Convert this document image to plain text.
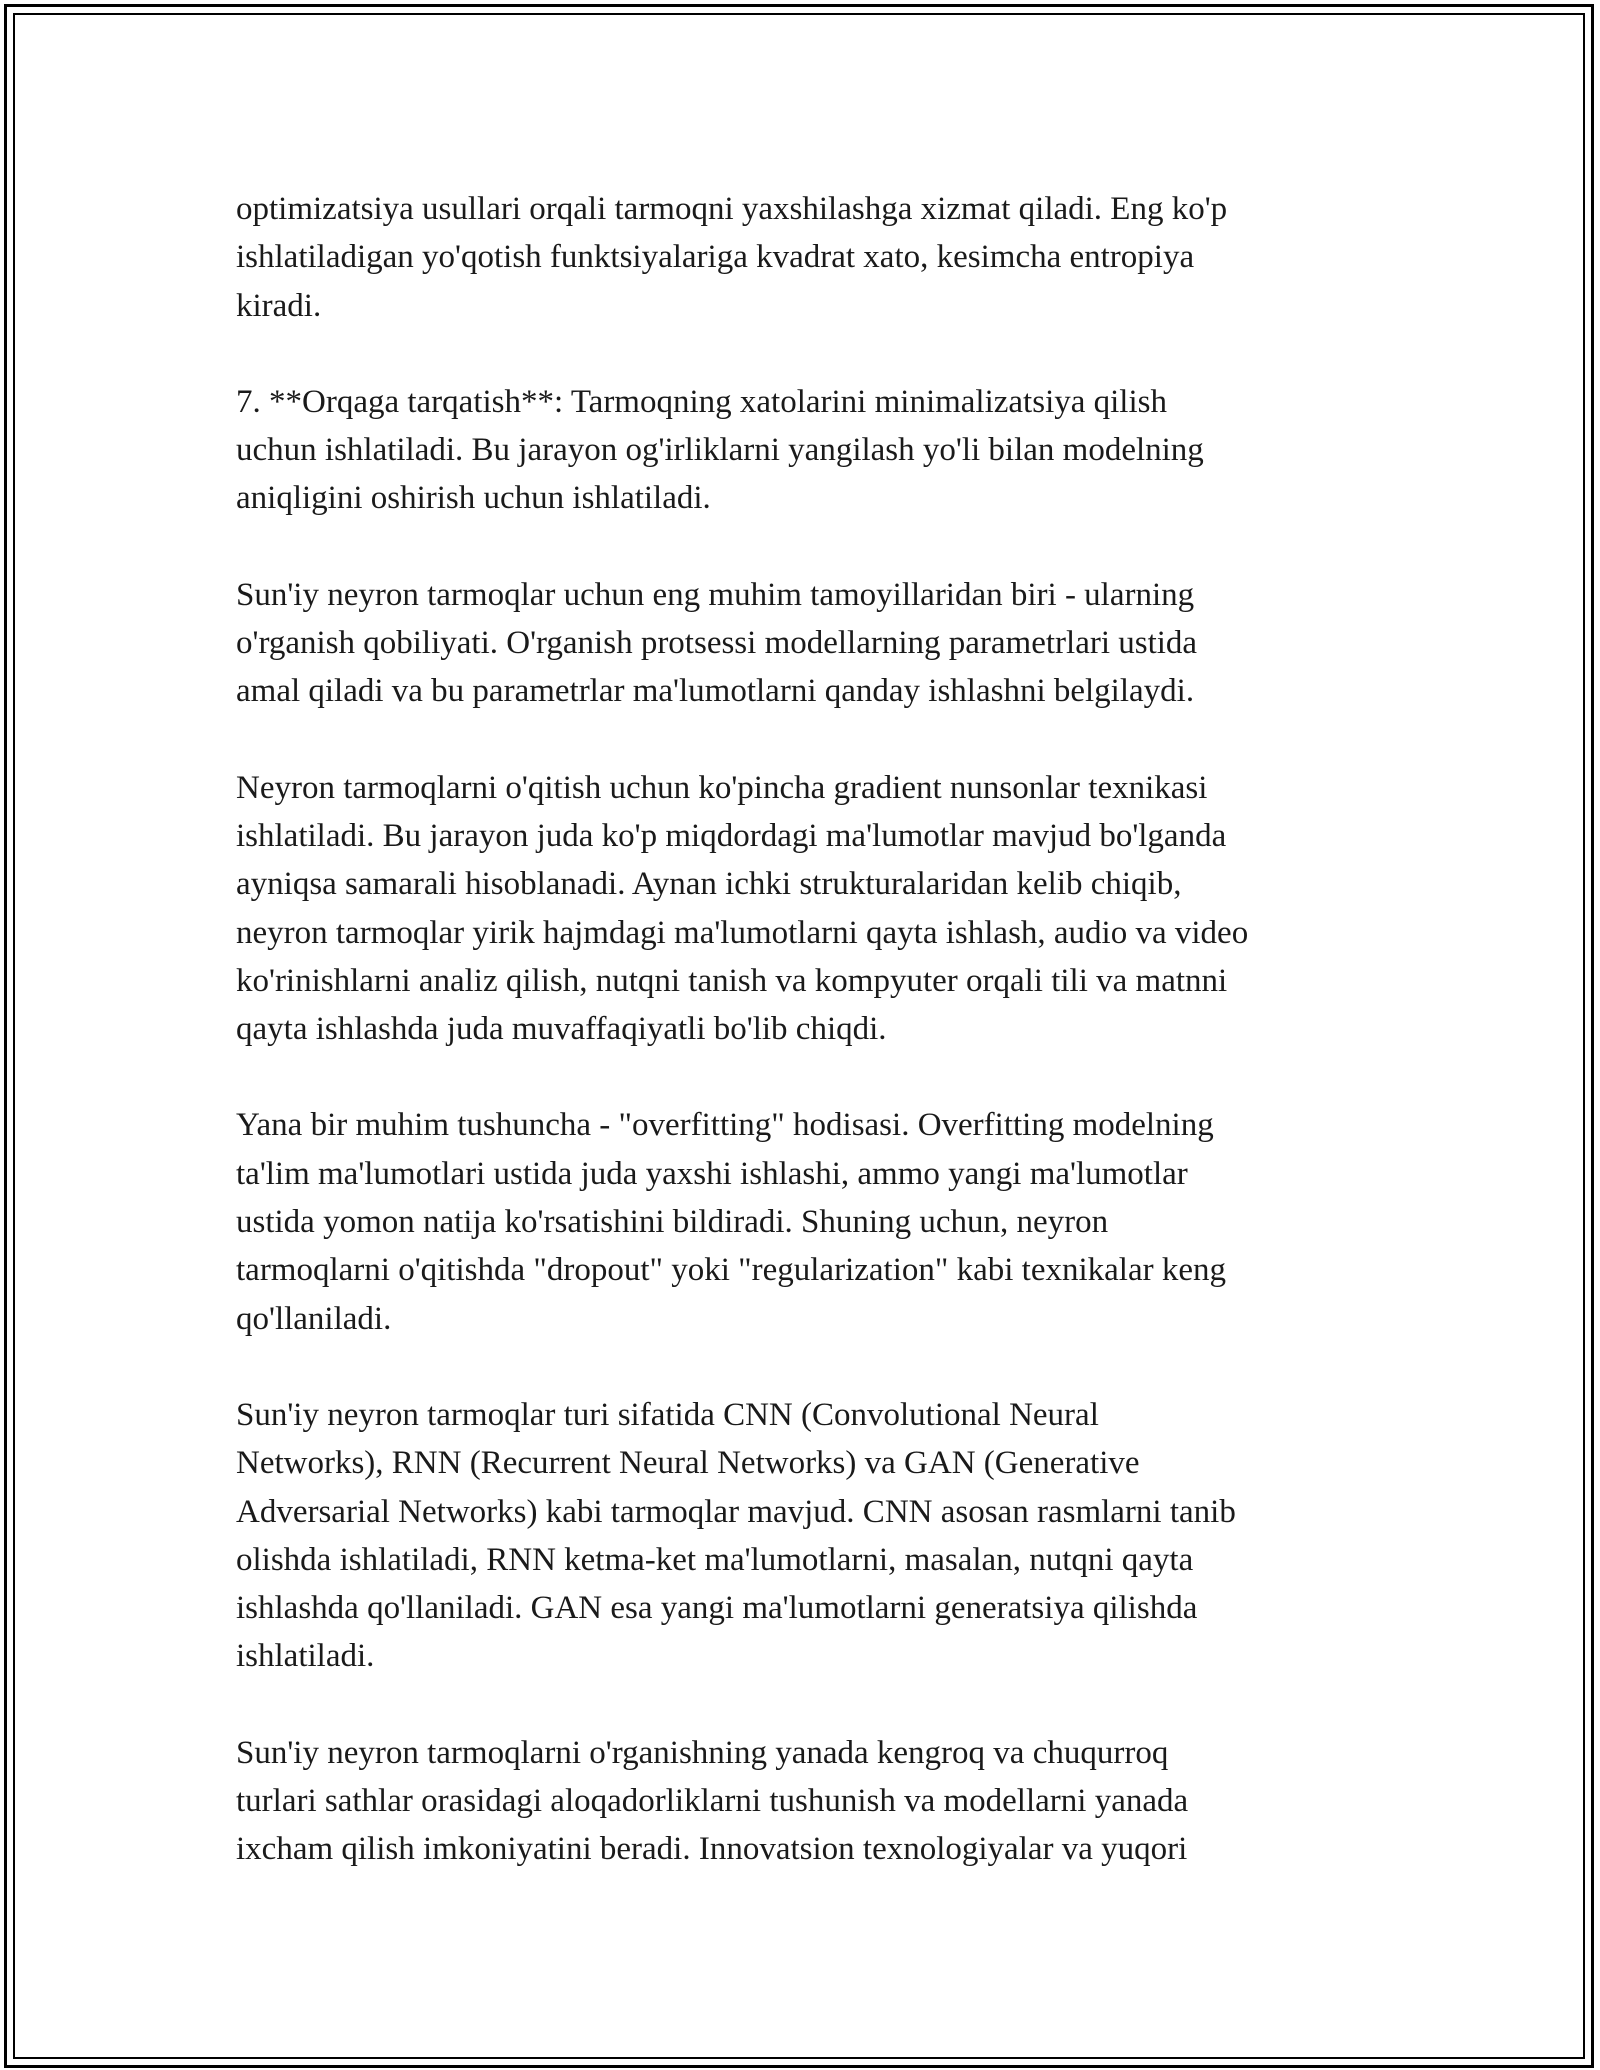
optimizatsiya usullari orqali tarmoqni yaxshilashga xizmat qiladi. Eng ko'p
ishlatiladigan yo'qotish funktsiyalariga kvadrat xato, kesimcha entropiya
kiradi.

7. **Orqaga tarqatish**: Tarmoqning xatolarini minimalizatsiya qilish
uchun ishlatiladi. Bu jarayon og'irliklarni yangilash yo'li bilan modelning
aniqligini oshirish uchun ishlatiladi.

Sun'iy neyron tarmoqlar uchun eng muhim tamoyillaridan biri - ularning
o'rganish qobiliyati. O'rganish protsessi modellarning parametrlari ustida
amal qiladi va bu parametrlar ma'lumotlarni qanday ishlashni belgilaydi.

Neyron tarmoqlarni o'qitish uchun ko'pincha gradient nunsonlar texnikasi
ishlatiladi. Bu jarayon juda ko'p miqdordagi ma'lumotlar mavjud bo'lganda
ayniqsa samarali hisoblanadi. Aynan ichki strukturalaridan kelib chiqib,
neyron tarmoqlar yirik hajmdagi ma'lumotlarni qayta ishlash, audio va video
ko'rinishlarni analiz qilish, nutqni tanish va kompyuter orqali tili va matnni
qayta ishlashda juda muvaffaqiyatli bo'lib chiqdi.

Yana bir muhim tushuncha - "overfitting" hodisasi. Overfitting modelning
ta'lim ma'lumotlari ustida juda yaxshi ishlashi, ammo yangi ma'lumotlar
ustida yomon natija ko'rsatishini bildiradi. Shuning uchun, neyron
tarmoqlarni o'qitishda "dropout" yoki "regularization" kabi texnikalar keng
qo'llaniladi.

Sun'iy neyron tarmoqlar turi sifatida CNN (Convolutional Neural
Networks), RNN (Recurrent Neural Networks) va GAN (Generative
Adversarial Networks) kabi tarmoqlar mavjud. CNN asosan rasmlarni tanib
olishda ishlatiladi, RNN ketma-ket ma'lumotlarni, masalan, nutqni qayta
ishlashda qo'llaniladi. GAN esa yangi ma'lumotlarni generatsiya qilishda
ishlatiladi.

Sun'iy neyron tarmoqlarni o'rganishning yanada kengroq va chuqurroq
turlari sathlar orasidagi aloqadorliklarni tushunish va modellarni yanada
ixcham qilish imkoniyatini beradi. Innovatsion texnologiyalar va yuqori
